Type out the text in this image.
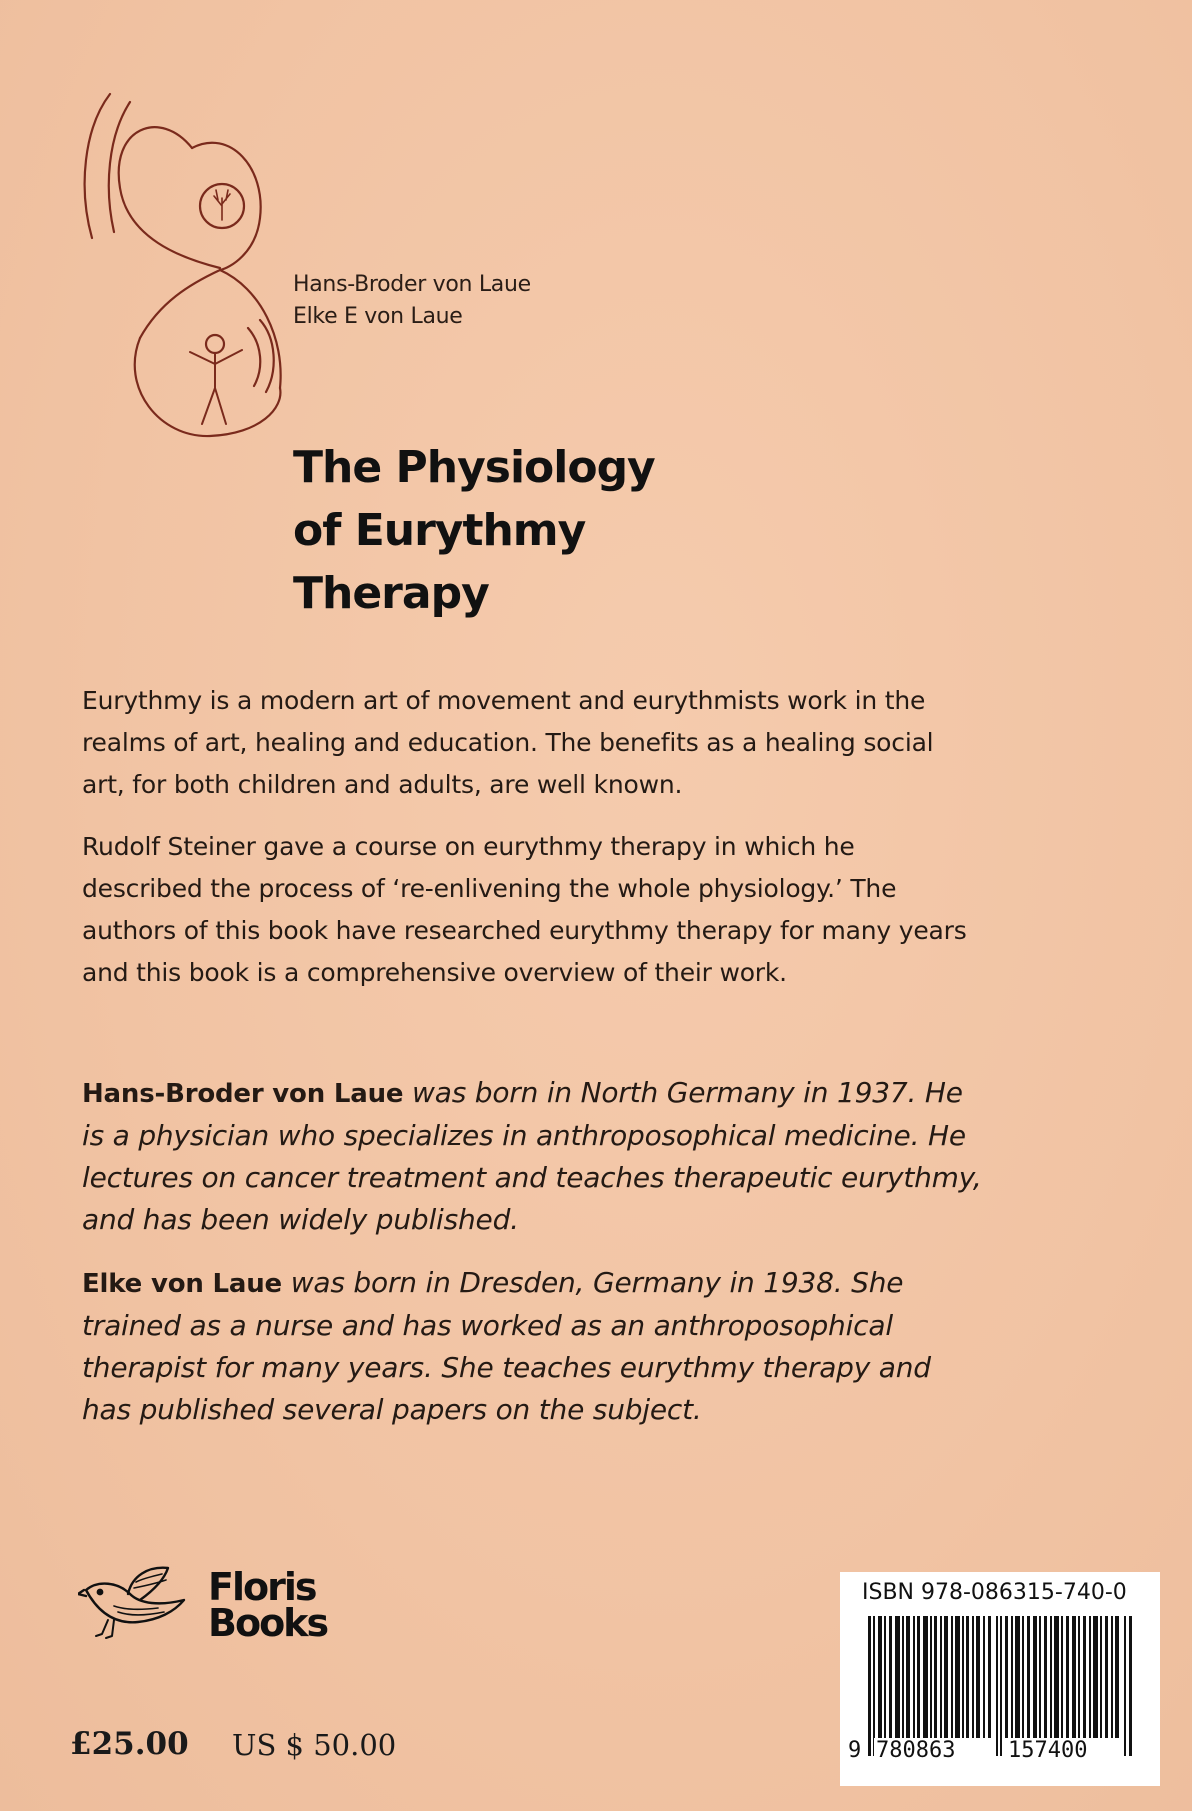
Hans-Broder von Laue
Elke E von Laue
The Physiology
of Eurythmy
Therapy

Eurythmy is a modern art of movement and eurythmists work in the realms of art, healing and education. The benefits as a healing social art, for both children and adults, are well known.

Rudolf Steiner gave a course on eurythmy therapy in which he described the process of ‘re-enlivening the whole physiology.’ The authors of this book have researched eurythmy therapy for many years and this book is a comprehensive overview of their work.

Hans-Broder von Laue was born in North Germany in 1937. He is a physician who specializes in anthroposophical medicine. He lectures on cancer treatment and teaches therapeutic eurythmy, and has been widely published.

Elke von Laue was born in Dresden, Germany in 1938. She trained as a nurse and has worked as an anthroposophical therapist for many years. She teaches eurythmy therapy and has published several papers on the subject.

Floris
Books
£25.00 US $ 50.00
ISBN 978-086315-740-0
9 780863 157400
